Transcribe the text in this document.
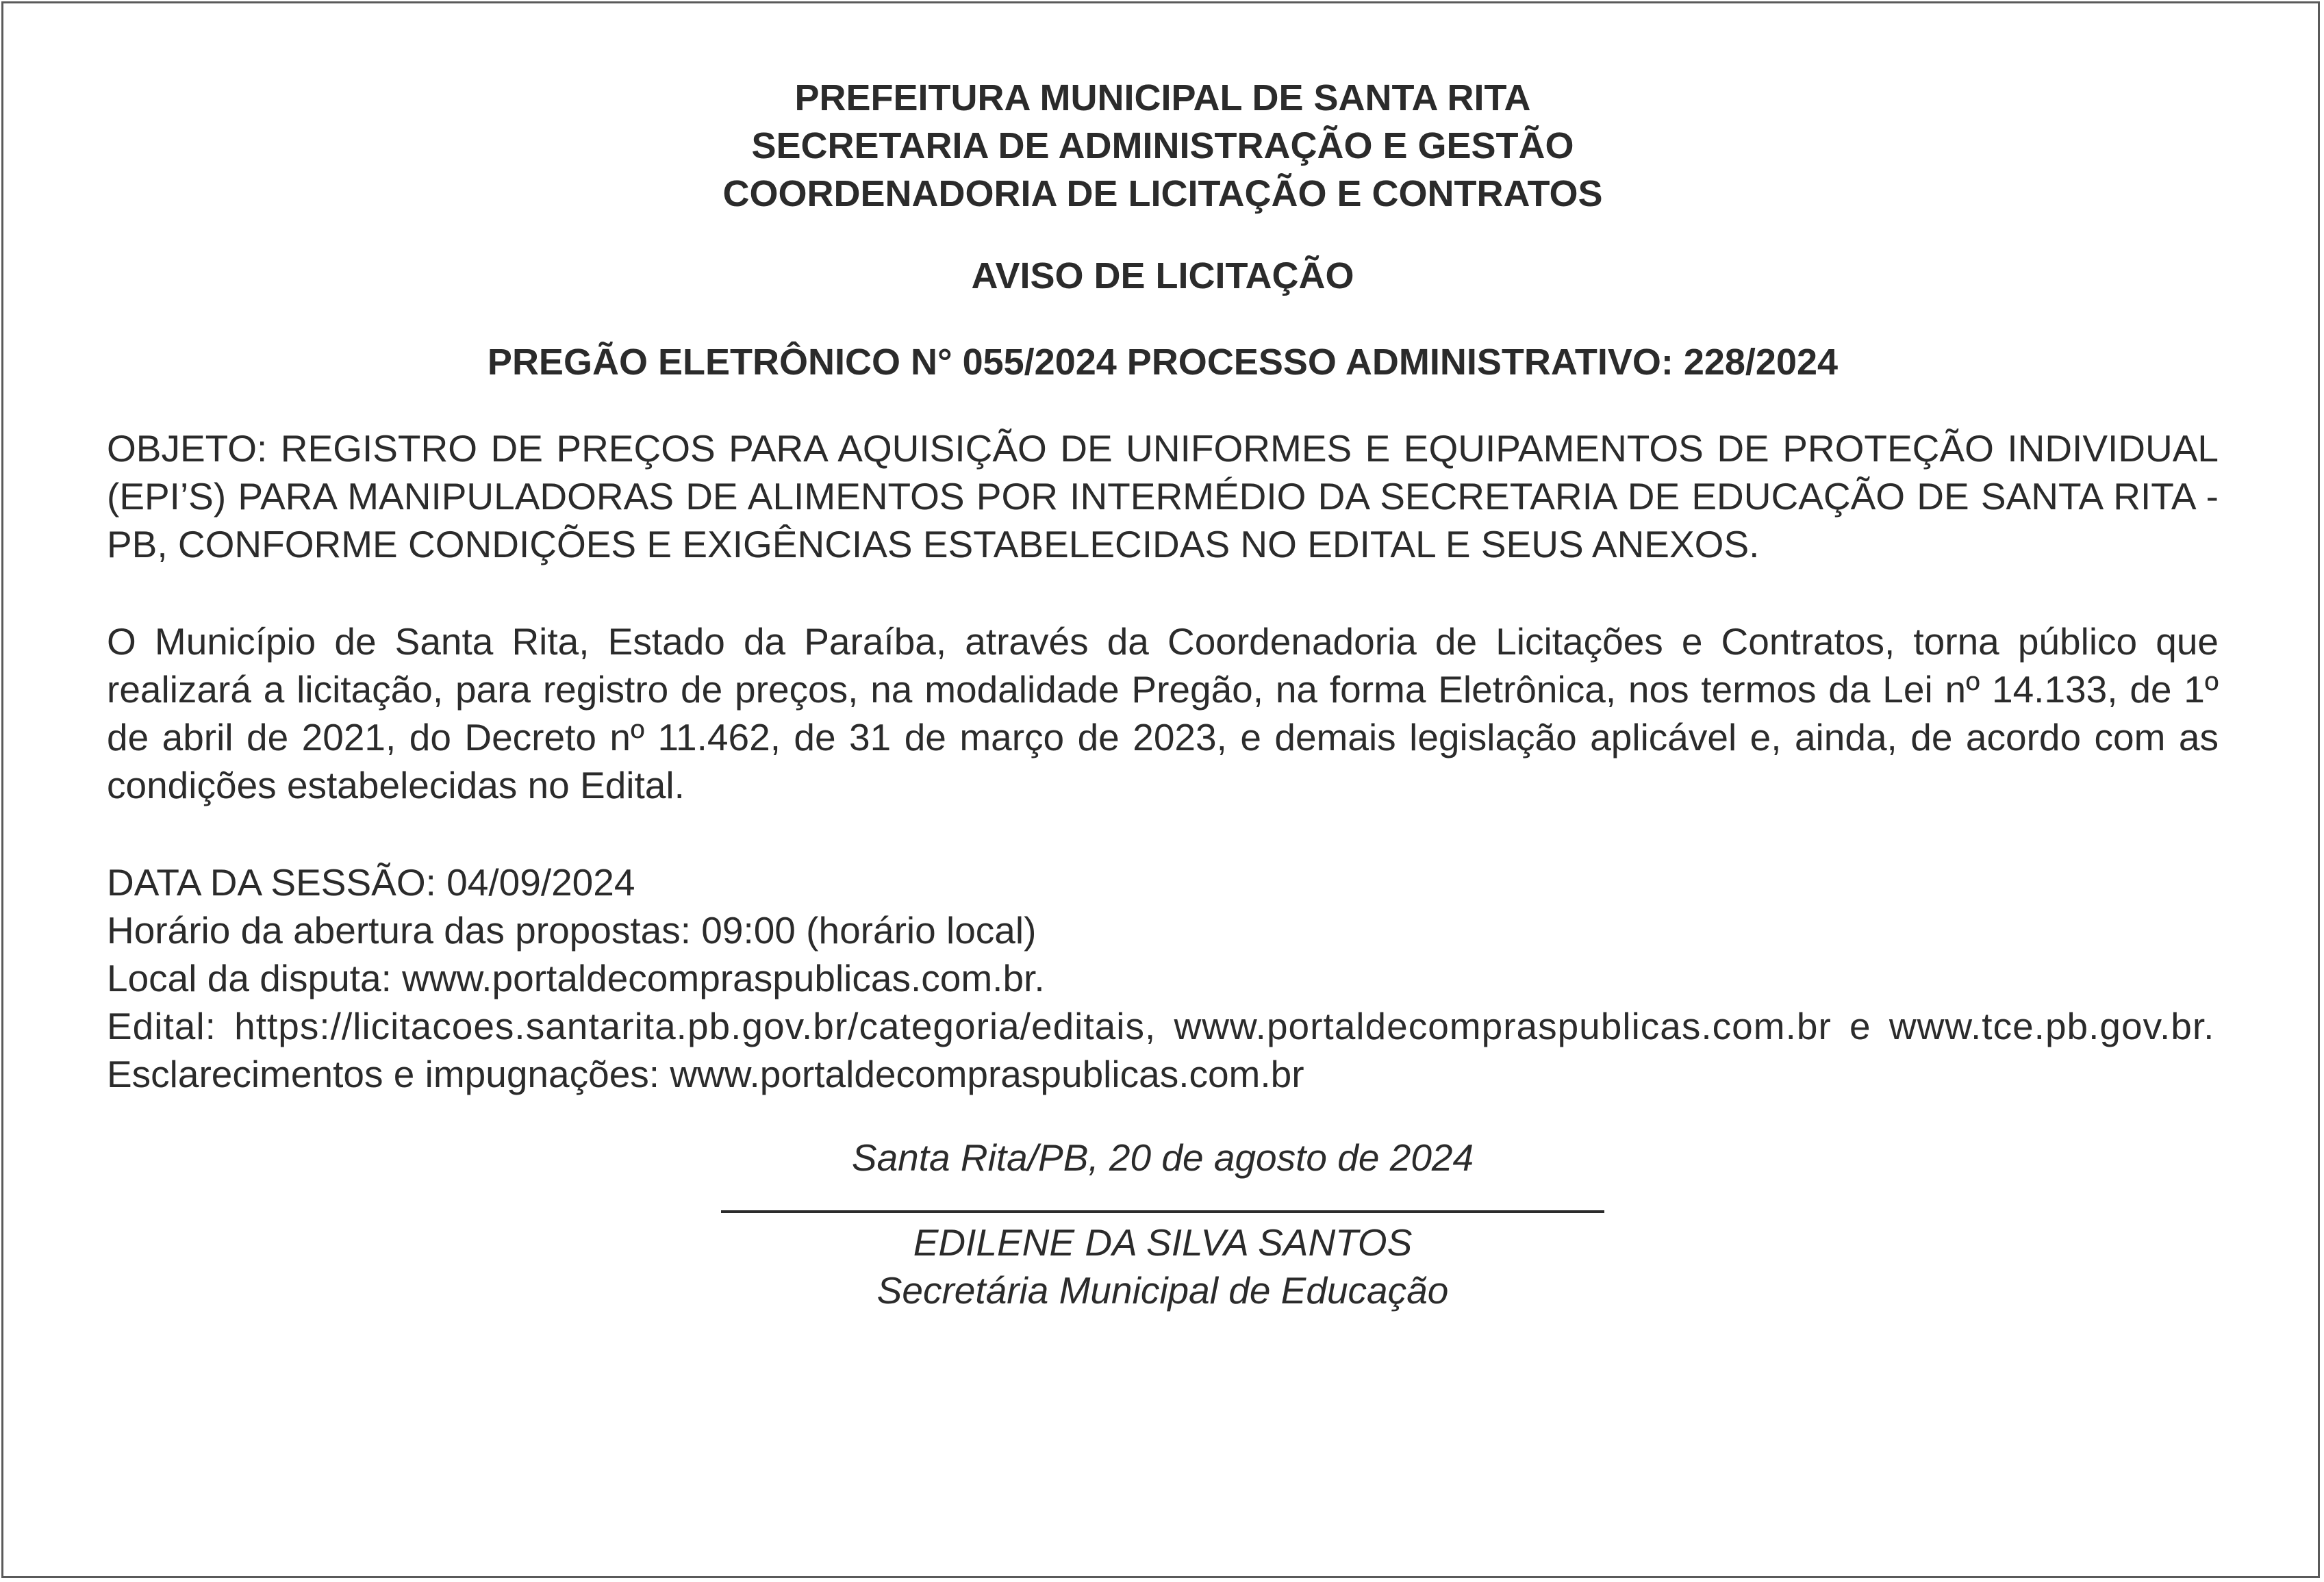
PREFEITURA MUNICIPAL DE SANTA RITA

SECRETARIA DE ADMINISTRAÇÃO E GESTÃO

COORDENADORIA DE LICITAÇÃO E CONTRATOS

AVISO DE LICITAÇÃO

PREGÃO ELETRÔNICO N° 055/2024 PROCESSO ADMINISTRATIVO: 228/2024

OBJETO: REGISTRO DE PREÇOS PARA AQUISIÇÃO DE UNIFORMES E EQUIPAMENTOS DE PROTEÇÃO INDIVIDUAL (EPI’S) PARA MANIPULADORAS DE ALIMENTOS POR INTERMÉDIO DA SECRETARIA DE EDUCAÇÃO DE SANTA RITA -PB, CONFORME CONDIÇÕES E EXIGÊNCIAS ESTABELECIDAS NO EDITAL E SEUS ANEXOS.

O Município de Santa Rita, Estado da Paraíba, através da Coordenadoria de Licitações e Contratos, torna público que realizará a licitação, para registro de preços, na modalidade Pregão, na forma Eletrônica, nos termos da Lei nº 14.133, de 1º de abril de 2021, do Decreto nº 11.462, de 31 de março de 2023, e demais legislação aplicável e, ainda, de acordo com as condições estabelecidas no Edital.

DATA DA SESSÃO: 04/09/2024

Horário da abertura das propostas: 09:00 (horário local)

Local da disputa: www.portaldecompraspublicas.com.br.

Edital: https://licitacoes.santarita.pb.gov.br/categoria/editais, www.portaldecompraspublicas.com.br e www.tce.pb.gov.br.

Esclarecimentos e impugnações: www.portaldecompraspublicas.com.br

Santa Rita/PB, 20 de agosto de 2024

EDILENE DA SILVA SANTOS

Secretária Municipal de Educação
